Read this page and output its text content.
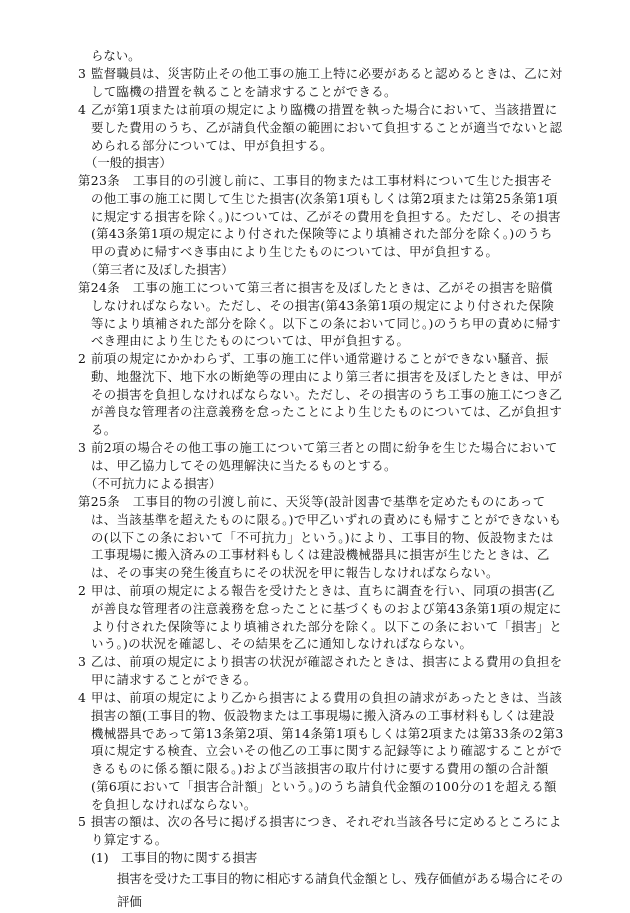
らない。
3 監督職員は、災害防止その他工事の施工上特に必要があると認めるときは、乙に対して臨機の措置を執ることを請求することができる。
4 乙が第1項または前項の規定により臨機の措置を執った場合において、当該措置に要した費用のうち、乙が請負代金額の範囲において負担することが適当でないと認められる部分については、甲が負担する。
（一般的損害）
第23条　 工事目的の引渡し前に、工事目的物または工事材料について生じた損害その他工事の施工に関して生じた損害(次条第1項もしくは第2項または第25条第1項に規定する損害を除く。)については、乙がその費用を負担する。ただし、その損害(第43条第1項の規定により付された保険等により填補された部分を除く。)のうち甲の責めに帰すべき事由により生じたものについては、甲が負担する。
（第三者に及ぼした損害）
第24条　 工事の施工について第三者に損害を及ぼしたときは、乙がその損害を賠償しなければならない。ただし、その損害(第43条第1項の規定により付された保険等により填補された部分を除く。以下この条において同じ。)のうち甲の責めに帰すべき理由により生じたものについては、甲が負担する。
2 前項の規定にかかわらず、工事の施工に伴い通常避けることができない騒音、振動、地盤沈下、地下水の断絶等の理由により第三者に損害を及ぼしたときは、甲がその損害を負担しなければならない。ただし、その損害のうち工事の施工につき乙が善良な管理者の注意義務を怠ったことにより生じたものについては、乙が負担する。
3 前2項の場合その他工事の施工について第三者との間に紛争を生じた場合においては、甲乙協力してその処理解決に当たるものとする。
（不可抗力による損害）
第25条　 工事目的物の引渡し前に、天災等(設計図書で基準を定めたものにあっては、当該基準を超えたものに限る。)で甲乙いずれの責めにも帰すことができないもの(以下この条において「不可抗力」という。)により、工事目的物、仮設物または工事現場に搬入済みの工事材料もしくは建設機械器具に損害が生じたときは、乙は、その事実の発生後直ちにその状況を甲に報告しなければならない。
2 甲は、前項の規定による報告を受けたときは、直ちに調査を行い、同項の損害(乙が善良な管理者の注意義務を怠ったことに基づくものおよび第43条第1項の規定により付された保険等により填補された部分を除く。以下この条において「損害」という。)の状況を確認し、その結果を乙に通知しなければならない。
3 乙は、前項の規定により損害の状況が確認されたときは、損害による費用の負担を甲に請求することができる。
4 甲は、前項の規定により乙から損害による費用の負担の請求があったときは、当該損害の額(工事目的物、仮設物または工事現場に搬入済みの工事材料もしくは建設機械器具であって第13条第2項、第14条第1項もしくは第2項または第33条の2第3項に規定する検査、立会いその他乙の工事に関する記録等により確認することができるものに係る額に限る。)および当該損害の取片付けに要する費用の額の合計額(第6項において「損害合計額」という。)のうち請負代金額の100分の1を超える額を負担しなければならない。
5 損害の額は、次の各号に掲げる損害につき、それぞれ当該各号に定めるところにより算定する。
(1)　 工事目的物に関する損害
損害を受けた工事目的物に相応する請負代金額とし、残存価値がある場合にその評価
